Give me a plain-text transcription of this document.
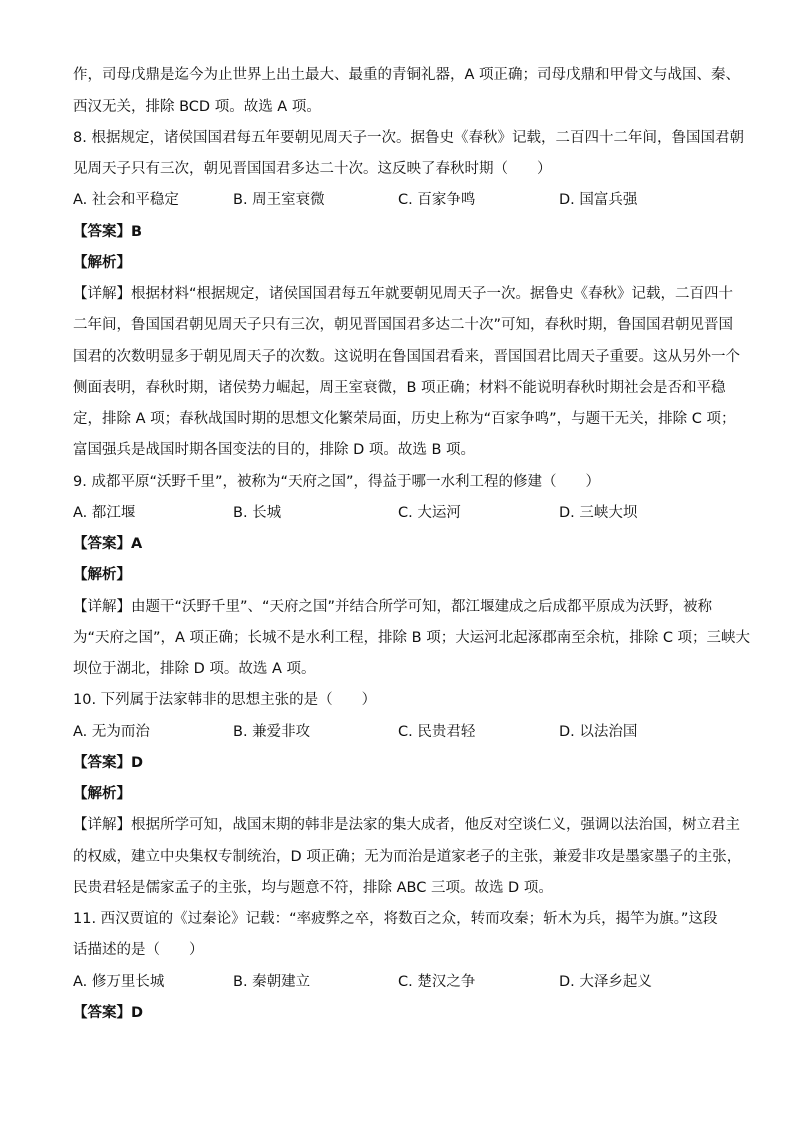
作，司母戊鼎是迄今为止世界上出土最大、最重的青铜礼器，A 项正确；司母戊鼎和甲骨文与战国、秦、
西汉无关，排除 BCD 项。故选 A 项。
8. 根据规定，诸侯国国君每五年要朝见周天子一次。据鲁史《春秋》记载，二百四十二年间，鲁国国君朝
见周天子只有三次，朝见晋国国君多达二十次。这反映了春秋时期（　　）
A. 社会和平稳定	B. 周王室衰微	C. 百家争鸣	D. 国富兵强
【答案】B
【解析】
【详解】根据材料“根据规定，诸侯国国君每五年就要朝见周天子一次。据鲁史《春秋》记载，二百四十
二年间，鲁国国君朝见周天子只有三次，朝见晋国国君多达二十次”可知，春秋时期，鲁国国君朝见晋国
国君的次数明显多于朝见周天子的次数。这说明在鲁国国君看来，晋国国君比周天子重要。这从另外一个
侧面表明，春秋时期，诸侯势力崛起，周王室衰微，B 项正确；材料不能说明春秋时期社会是否和平稳
定，排除 A 项；春秋战国时期的思想文化繁荣局面，历史上称为“百家争鸣”，与题干无关，排除 C 项；
富国强兵是战国时期各国变法的目的，排除 D 项。故选 B 项。
9. 成都平原“沃野千里”，被称为“天府之国”，得益于哪一水利工程的修建（　　）
A. 都江堰	B. 长城	C. 大运河	D. 三峡大坝
【答案】A
【解析】
【详解】由题干“沃野千里”、“天府之国”并结合所学可知，都江堰建成之后成都平原成为沃野，被称
为“天府之国”，A 项正确；长城不是水利工程，排除 B 项；大运河北起涿郡南至余杭，排除 C 项；三峡大
坝位于湖北，排除 D 项。故选 A 项。
10. 下列属于法家韩非的思想主张的是（　　）
A. 无为而治	B. 兼爱非攻	C. 民贵君轻	D. 以法治国
【答案】D
【解析】
【详解】根据所学可知，战国末期的韩非是法家的集大成者，他反对空谈仁义，强调以法治国，树立君主
的权威，建立中央集权专制统治，D 项正确；无为而治是道家老子的主张，兼爱非攻是墨家墨子的主张，
民贵君轻是儒家孟子的主张，均与题意不符，排除 ABC 三项。故选 D 项。
11. 西汉贾谊的《过秦论》记载：“率疲弊之卒，将数百之众，转而攻秦；斩木为兵，揭竿为旗。”这段
话描述的是（　　）
A. 修万里长城	B. 秦朝建立	C. 楚汉之争	D. 大泽乡起义
【答案】D
